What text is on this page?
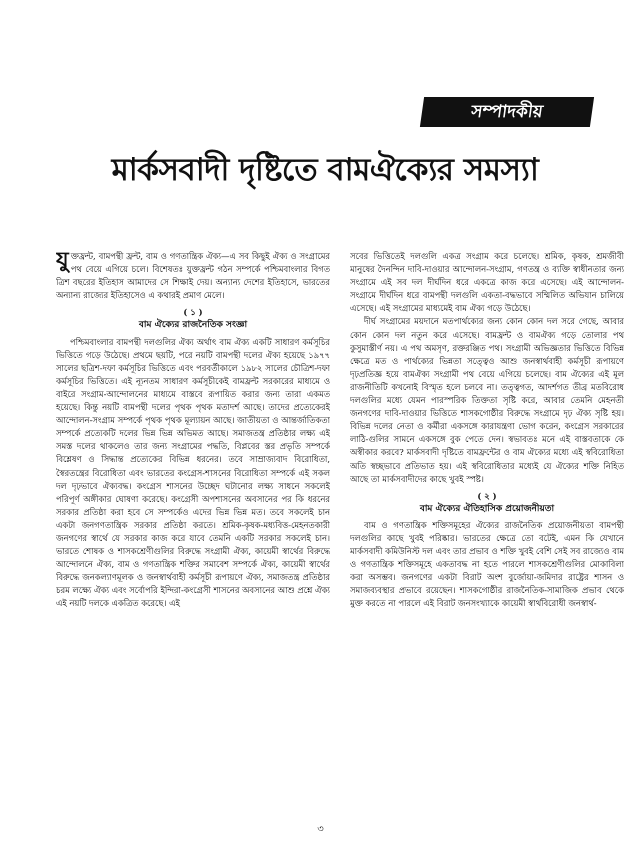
সম্পাদকীয়
মার্কসবাদী দৃষ্টিতে বামঐক্যের সমস্যা

যুক্তফ্রন্ট, বামপন্থী ফ্রন্ট, বাম ও গণতান্ত্রিক ঐক্য—এ সব কিছুই ঐক্য ও সংগ্রামের পথ বেয়ে এগিয়ে চলে। বিশেষতঃ যুক্তফ্রন্ট গঠন সম্পর্কে পশ্চিমবাংলার বিগত ত্রিশ বছরের ইতিহাস আমাদের সে শিক্ষাই দেয়। অন্যান্য দেশের ইতিহাসে, ভারতের অন্যান্য রাজ্যের ইতিহাসেও এ কথারই প্রমাণ মেলে।

( ১ )
বাম ঐক্যের রাজনৈতিক সংজ্ঞা

পশ্চিমবাংলার বামপন্থী দলগুলির ঐক্য অর্থাৎ বাম ঐক্য একটি সাধারণ কর্মসূচির ভিত্তিতে গড়ে উঠেছে। প্রথমে ছয়টি, পরে নয়টি বামপন্থী দলের ঐক্য হয়েছে ১৯৭৭ সালের ছত্রিশ-দফা কর্মসূচির ভিত্তিতে এবং পরবর্তীকালে ১৯৮২ সালের চৌত্রিশ-দফা কর্মসূচির ভিত্তিতে। এই ন্যূনতম সাধারণ কর্মসূচীকেই বামফ্রন্ট সরকারের মাধ্যমে ও বাইরে সংগ্রাম-আন্দোলনের মাধ্যমে বাস্তবে রূপায়িত করার জন্য তারা একমত হয়েছে। কিন্তু নয়টি বামপন্থী দলের পৃথক পৃথক মতাদর্শ আছে। তাদের প্রত্যেকেরই আন্দোলন-সংগ্রাম সম্পর্কে পৃথক পৃথক মূল্যায়ন আছে। জাতীয়তা ও আন্তর্জাতিকতা সম্পর্কে প্রত্যেকটি দলের ভিন্ন ভিন্ন অভিমত আছে। সমাজতন্ত্র প্রতিষ্ঠার লক্ষ্য এই সমস্ত দলের থাকলেও তার জন্য সংগ্রামের পদ্ধতি, বিপ্লবের স্তর প্রভৃতি সম্পর্কে বিশ্লেষণ ও সিদ্ধান্ত প্রত্যেকের বিভিন্ন ধরনের। তবে সাম্রাজ্যবাদ বিরোধিতা, স্বৈরতন্ত্রের বিরোধিতা এবং ভারতের কংগ্রেস-শাসনের বিরোধিতা সম্পর্কে এই সকল দল দৃঢ়ভাবে ঐক্যবদ্ধ। কংগ্রেস শাসনের উচ্ছেদ ঘটানোর লক্ষ্য সাধনে সকলেই পরিপূর্ণ অঙ্গীকার ঘোষণা করেছে। কংগ্রেসী অপশাসনের অবসানের পর কি ধরনের সরকার প্রতিষ্ঠা করা হবে সে সম্পর্কেও এদের ভিন্ন ভিন্ন মত। তবে সকলেই চান একটা জনগণতান্ত্রিক সরকার প্রতিষ্ঠা করতে। শ্রমিক-কৃষক-মধ্যবিত্ত-মেহনতকারী জনগণের স্বার্থে যে সরকার কাজ করে যাবে তেমনি একটি সরকার সকলেই চান। ভারতে শোষক ও শাসকশ্রেণীগুলির বিরুদ্ধে সংগ্রামী ঐক্য, কায়েমী স্বার্থের বিরুদ্ধে আন্দোলনে ঐক্য, বাম ও গণতান্ত্রিক শক্তির সমাবেশ সম্পর্কে ঐক্য, কায়েমী স্বার্থের বিরুদ্ধে জনকল্যাণমূলক ও জনস্বার্থবাহী কর্মসূচী রূপায়ণে ঐক্য, সমাজতন্ত্র প্রতিষ্ঠার চরম লক্ষ্যে ঐক্য এবং সর্বোপরি ইন্দিরা-কংগ্রেসী শাসনের অবসানের আশু প্রশ্নে ঐক্য এই নয়টি দলকে একত্রিত করেছে। এই

সবের ভিত্তিতেই দলগুলি একত্র সংগ্রাম করে চলেছে। শ্রমিক, কৃষক, শ্রমজীবী মানুষের দৈনন্দিন দাবি-দাওয়ার আন্দোলন-সংগ্রাম, গণতন্ত্র ও ব্যক্তি স্বাধীনতার জন্য সংগ্রামে এই সব দল দীর্ঘদিন ধরে একত্রে কাজ করে এসেছে। এই আন্দোলন-সংগ্রামে দীর্ঘদিন ধরে বামপন্থী দলগুলি একতা-বদ্ধভাবে সম্মিলিত অভিযান চালিয়ে এসেছে। এই সংগ্রামের মাধ্যমেই বাম ঐক্য গড়ে উঠেছে।

দীর্ঘ সংগ্রামের ময়দানে মতপার্থক্যের জন্য কোন কোন দল সরে গেছে, আবার কোন কোন দল নতুন করে এসেছে। বামফ্রন্ট ও বামঐক্য গড়ে তোলার পথ কুসুমাস্তীর্ণ নয়। এ পথ অমসৃণ, রক্তরঞ্জিত পথ। সংগ্রামী অভিজ্ঞতার ভিত্তিতে বিভিন্ন ক্ষেত্রে মত ও পার্থক্যের ভিন্নতা সত্ত্বেও আশু জনস্বার্থবাহী কর্মসূচী রূপায়ণে দৃঢ়প্রতিজ্ঞ হয়ে বামঐক্য সংগ্রামী পথ বেয়ে এগিয়ে চলেছে। বাম ঐক্যের এই মূল রাজনীতিটি কখনোই বিস্মৃত হলে চলবে না। তত্ত্বগত, আদর্শগত তীব্র মতবিরোধ দলগুলির মধ্যে যেমন পারস্পরিক তিক্ততা সৃষ্টি করে, আবার তেমনি মেহনতী জনগণের দাবি-দাওয়ার ভিত্তিতে শাসকগোষ্ঠীর বিরুদ্ধে সংগ্রামে দৃঢ় ঐক্য সৃষ্টি হয়। বিভিন্ন দলের নেতা ও কর্মীরা একসঙ্গে কারাযন্ত্রণা ভোগ করেন, কংগ্রেস সরকারের লাঠি-গুলির সামনে একসঙ্গে বুক পেতে দেন। স্বভাবতঃ মনে এই বাস্তবতাকে কে অস্বীকার করবে? মার্কসবাদী দৃষ্টিতে বামফ্রন্টের ও বাম ঐক্যের মধ্যে এই স্ববিরোধিতা অতি স্বচ্ছভাবে প্রতিভাত হয়। এই স্ববিরোধিতার মধ্যেই যে ঐক্যের শক্তি নিহিত আছে তা মার্কসবাদীদের কাছে খুবই স্পষ্ট।

( ২ )
বাম ঐক্যের ঐতিহাসিক প্রয়োজনীয়তা

বাম ও গণতান্ত্রিক শক্তিসমূহের ঐক্যের রাজনৈতিক প্রয়োজনীয়তা বামপন্থী দলগুলির কাছে খুবই পরিষ্কার। ভারতের ক্ষেত্রে তো বটেই, এমন কি যেখানে মার্কসবাদী কমিউনিস্ট দল এবং তার প্রভাব ও শক্তি খুবই বেশি সেই সব রাজ্যেও বাম ও গণতান্ত্রিক শক্তিসমূহে একতাবদ্ধ না হতে পারলে শাসকশ্রেণীগুলির মোকাবিলা করা অসম্ভব। জনগণের একটা বিরাট অংশ বুর্জোয়া-জমিদার রাষ্ট্রের শাসন ও সমাজব্যবস্থার প্রভাবে রয়েছেন। শাসকগোষ্ঠীর রাজনৈতিক-সামাজিক প্রভাব থেকে মুক্ত করতে না পারলে এই বিরাট জনসংখ্যাকে কায়েমী স্বার্থবিরোধী জনস্বার্থ-

৩
